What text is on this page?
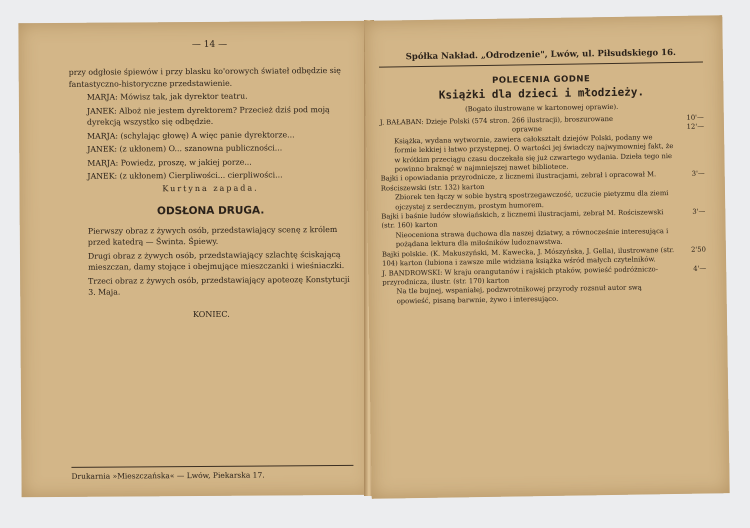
— 14 —

przy odgłosie śpiewów i przy blasku ko'orowych świateł odbędzie się fantastyczno-historyczne przedstawienie.

MARJA: Mówisz tak, jak dyrektor teatru.

JANEK: Alboż nie jestem dyrektorem? Przecież dziś pod moją dyrekcją wszystko się odbędzie.

MARJA: (schylając głowę) A więc panie dyrektorze...

JANEK: (z ukłonem) O... szanowna publiczności...

MARJA: Powiedz, proszę, w jakiej porze...

JANEK: (z ukłonem) Cierpliwości... cierpliwości...

Kurtyna zapada.
ODSŁONA DRUGA.

Pierwszy obraz z żywych osób, przedstawiający scenę z królem przed katedrą — Świnta. Śpiewy.

Drugi obraz z żywych osób, przedstawiający szlachtę ściskającą mieszczan, damy stojące i obejmujące mieszczanki i wieśniaczki.

Trzeci obraz z żywych osób, przedstawiający apoteozę Konstytucji 3. Maja.

KONIEC.
Drukarnia »Mieszczańska« — Lwów, Piekarska 17.
Spółka Nakład. „Odrodzenie", Lwów, ul. Piłsudskiego 16.
POLECENIA GODNE
Książki dla dzieci i młodzieży.
(Bogato ilustrowane w kartonowej oprawie).
J. BAŁABAN: Dzieje Polski (574 stron. 266 ilustracji), broszurowane	10'—
oprawne	12'—
Książka, wydana wytwornie, zawiera całokształt dziejów Polski, podany we formie lekkiej i łatwo przystępnej. O wartości jej świadczy najwymowniej fakt, że w krótkim przeciągu czasu doczekała się już czwartego wydania. Dzieła tego nie powinno braknąć w najmniejszej nawet bibliotece.
Bajki i opowiadania przyrodnicze, z licznemi ilustracjami, zebrał i opracował M. Rościszewski (str. 132) karton
3'—
Zbiorek ten łączy w sobie bystrą spostrzegawczość, uczucie pietyzmu dla ziemi ojczystej z serdecznym, prostym humorem.
Bajki i baśnie ludów słowiańskich, z licznemi ilustracjami, zebrał M. Rościszewski (str. 160) karton
3'—
Nieoceniona strawa duchowa dla naszej dziatwy, a równocześnie interesująca i pożądana lektura dla miłośników ludoznawstwa.
Bajki polskie. (K. Makuszyński, M. Kawecka, J. Mószyńska, J. Gella), ilustrowane (str. 104) karton (lubiona i zawsze mile widziana książka wśród małych czytelników.
2'50
J. BANDROWSKI: W kraju orangutanów i rajskich ptaków, powieść podróżniczo-przyrodnicza, ilustr. (str. 170) karton
4'—
Na tle bujnej, wspaniałej, podzwrotnikowej przyrody rozsnuł autor swą opowieść, pisaną barwnie, żywo i interesująco.
